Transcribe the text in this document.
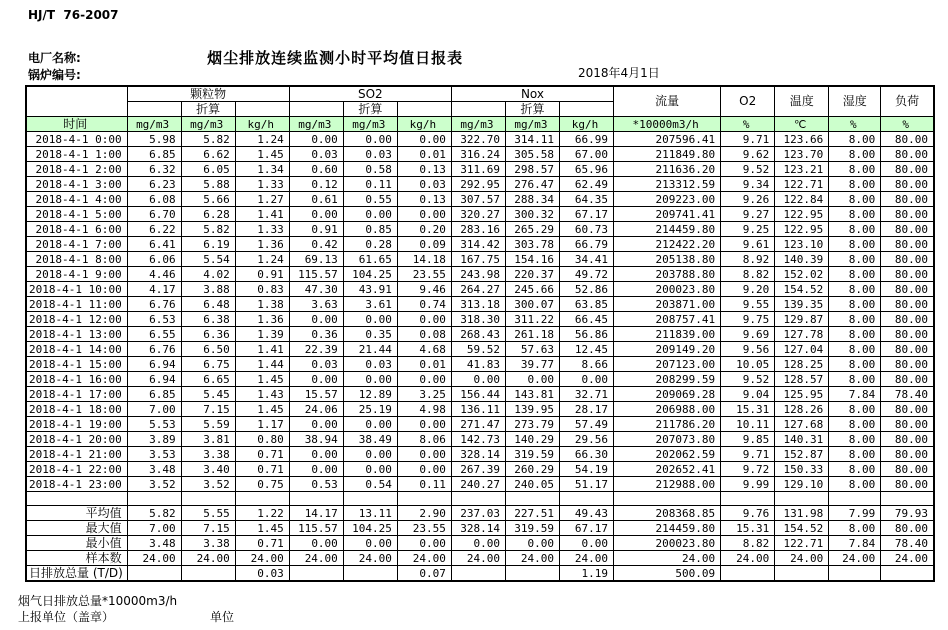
HJ/T  76-2007

烟尘排放连续监测小时平均值日报表

电厂名称:
锅炉编号:	2018年4月1日
	颗粒物			SO2			Nox			流量	O2	温度	湿度	负荷
		折算			折算			折算						
时间	mg/m3	mg/m3	kg/h	mg/m3	mg/m3	kg/h	mg/m3	mg/m3	kg/h	*10000m3/h	%	℃	%	%
2018-4-1 0:00	5.98	5.82	1.24	0.00	0.00	0.00	322.70	314.11	66.99	207596.41	9.71	123.66	8.00	80.00
2018-4-1 1:00	6.85	6.62	1.45	0.03	0.03	0.01	316.24	305.58	67.00	211849.80	9.62	123.70	8.00	80.00
2018-4-1 2:00	6.32	6.05	1.34	0.60	0.58	0.13	311.69	298.57	65.96	211636.20	9.52	123.21	8.00	80.00
2018-4-1 3:00	6.23	5.88	1.33	0.12	0.11	0.03	292.95	276.47	62.49	213312.59	9.34	122.71	8.00	80.00
2018-4-1 4:00	6.08	5.66	1.27	0.61	0.55	0.13	307.57	288.34	64.35	209223.00	9.26	122.84	8.00	80.00
2018-4-1 5:00	6.70	6.28	1.41	0.00	0.00	0.00	320.27	300.32	67.17	209741.41	9.27	122.95	8.00	80.00
2018-4-1 6:00	6.22	5.82	1.33	0.91	0.85	0.20	283.16	265.29	60.73	214459.80	9.25	122.95	8.00	80.00
2018-4-1 7:00	6.41	6.19	1.36	0.42	0.28	0.09	314.42	303.78	66.79	212422.20	9.61	123.10	8.00	80.00
2018-4-1 8:00	6.06	5.54	1.24	69.13	61.65	14.18	167.75	154.16	34.41	205138.80	8.92	140.39	8.00	80.00
2018-4-1 9:00	4.46	4.02	0.91	115.57	104.25	23.55	243.98	220.37	49.72	203788.80	8.82	152.02	8.00	80.00
2018-4-1 10:00	4.17	3.88	0.83	47.30	43.91	9.46	264.27	245.66	52.86	200023.80	9.20	154.52	8.00	80.00
2018-4-1 11:00	6.76	6.48	1.38	3.63	3.61	0.74	313.18	300.07	63.85	203871.00	9.55	139.35	8.00	80.00
2018-4-1 12:00	6.53	6.38	1.36	0.00	0.00	0.00	318.30	311.22	66.45	208757.41	9.75	129.87	8.00	80.00
2018-4-1 13:00	6.55	6.36	1.39	0.36	0.35	0.08	268.43	261.18	56.86	211839.00	9.69	127.78	8.00	80.00
2018-4-1 14:00	6.76	6.50	1.41	22.39	21.44	4.68	59.52	57.63	12.45	209149.20	9.56	127.04	8.00	80.00
2018-4-1 15:00	6.94	6.75	1.44	0.03	0.03	0.01	41.83	39.77	8.66	207123.00	10.05	128.25	8.00	80.00
2018-4-1 16:00	6.94	6.65	1.45	0.00	0.00	0.00	0.00	0.00	0.00	208299.59	9.52	128.57	8.00	80.00
2018-4-1 17:00	6.85	5.45	1.43	15.57	12.89	3.25	156.44	143.81	32.71	209069.28	9.04	125.95	7.84	78.40
2018-4-1 18:00	7.00	7.15	1.45	24.06	25.19	4.98	136.11	139.95	28.17	206988.00	15.31	128.26	8.00	80.00
2018-4-1 19:00	5.53	5.59	1.17	0.00	0.00	0.00	271.47	273.79	57.49	211786.20	10.11	127.68	8.00	80.00
2018-4-1 20:00	3.89	3.81	0.80	38.94	38.49	8.06	142.73	140.29	29.56	207073.80	9.85	140.31	8.00	80.00
2018-4-1 21:00	3.53	3.38	0.71	0.00	0.00	0.00	328.14	319.59	66.30	202062.59	9.71	152.87	8.00	80.00
2018-4-1 22:00	3.48	3.40	0.71	0.00	0.00	0.00	267.39	260.29	54.19	202652.41	9.72	150.33	8.00	80.00
2018-4-1 23:00	3.52	3.52	0.75	0.53	0.54	0.11	240.27	240.05	51.17	212988.00	9.99	129.10	8.00	80.00

平均值	5.82	5.55	1.22	14.17	13.11	2.90	237.03	227.51	49.43	208368.85	9.76	131.98	7.99	79.93
最大值	7.00	7.15	1.45	115.57	104.25	23.55	328.14	319.59	67.17	214459.80	15.31	154.52	8.00	80.00
最小值	3.48	3.38	0.71	0.00	0.00	0.00	0.00	0.00	0.00	200023.80	8.82	122.71	7.84	78.40
样本数	24.00	24.00	24.00	24.00	24.00	24.00	24.00	24.00	24.00	24.00	24.00	24.00	24.00	24.00
日排放总量 (T/D)			0.03			0.07			1.19	500.09				
烟气日排放总量*10000m3/h
上报单位（盖章）	单位
